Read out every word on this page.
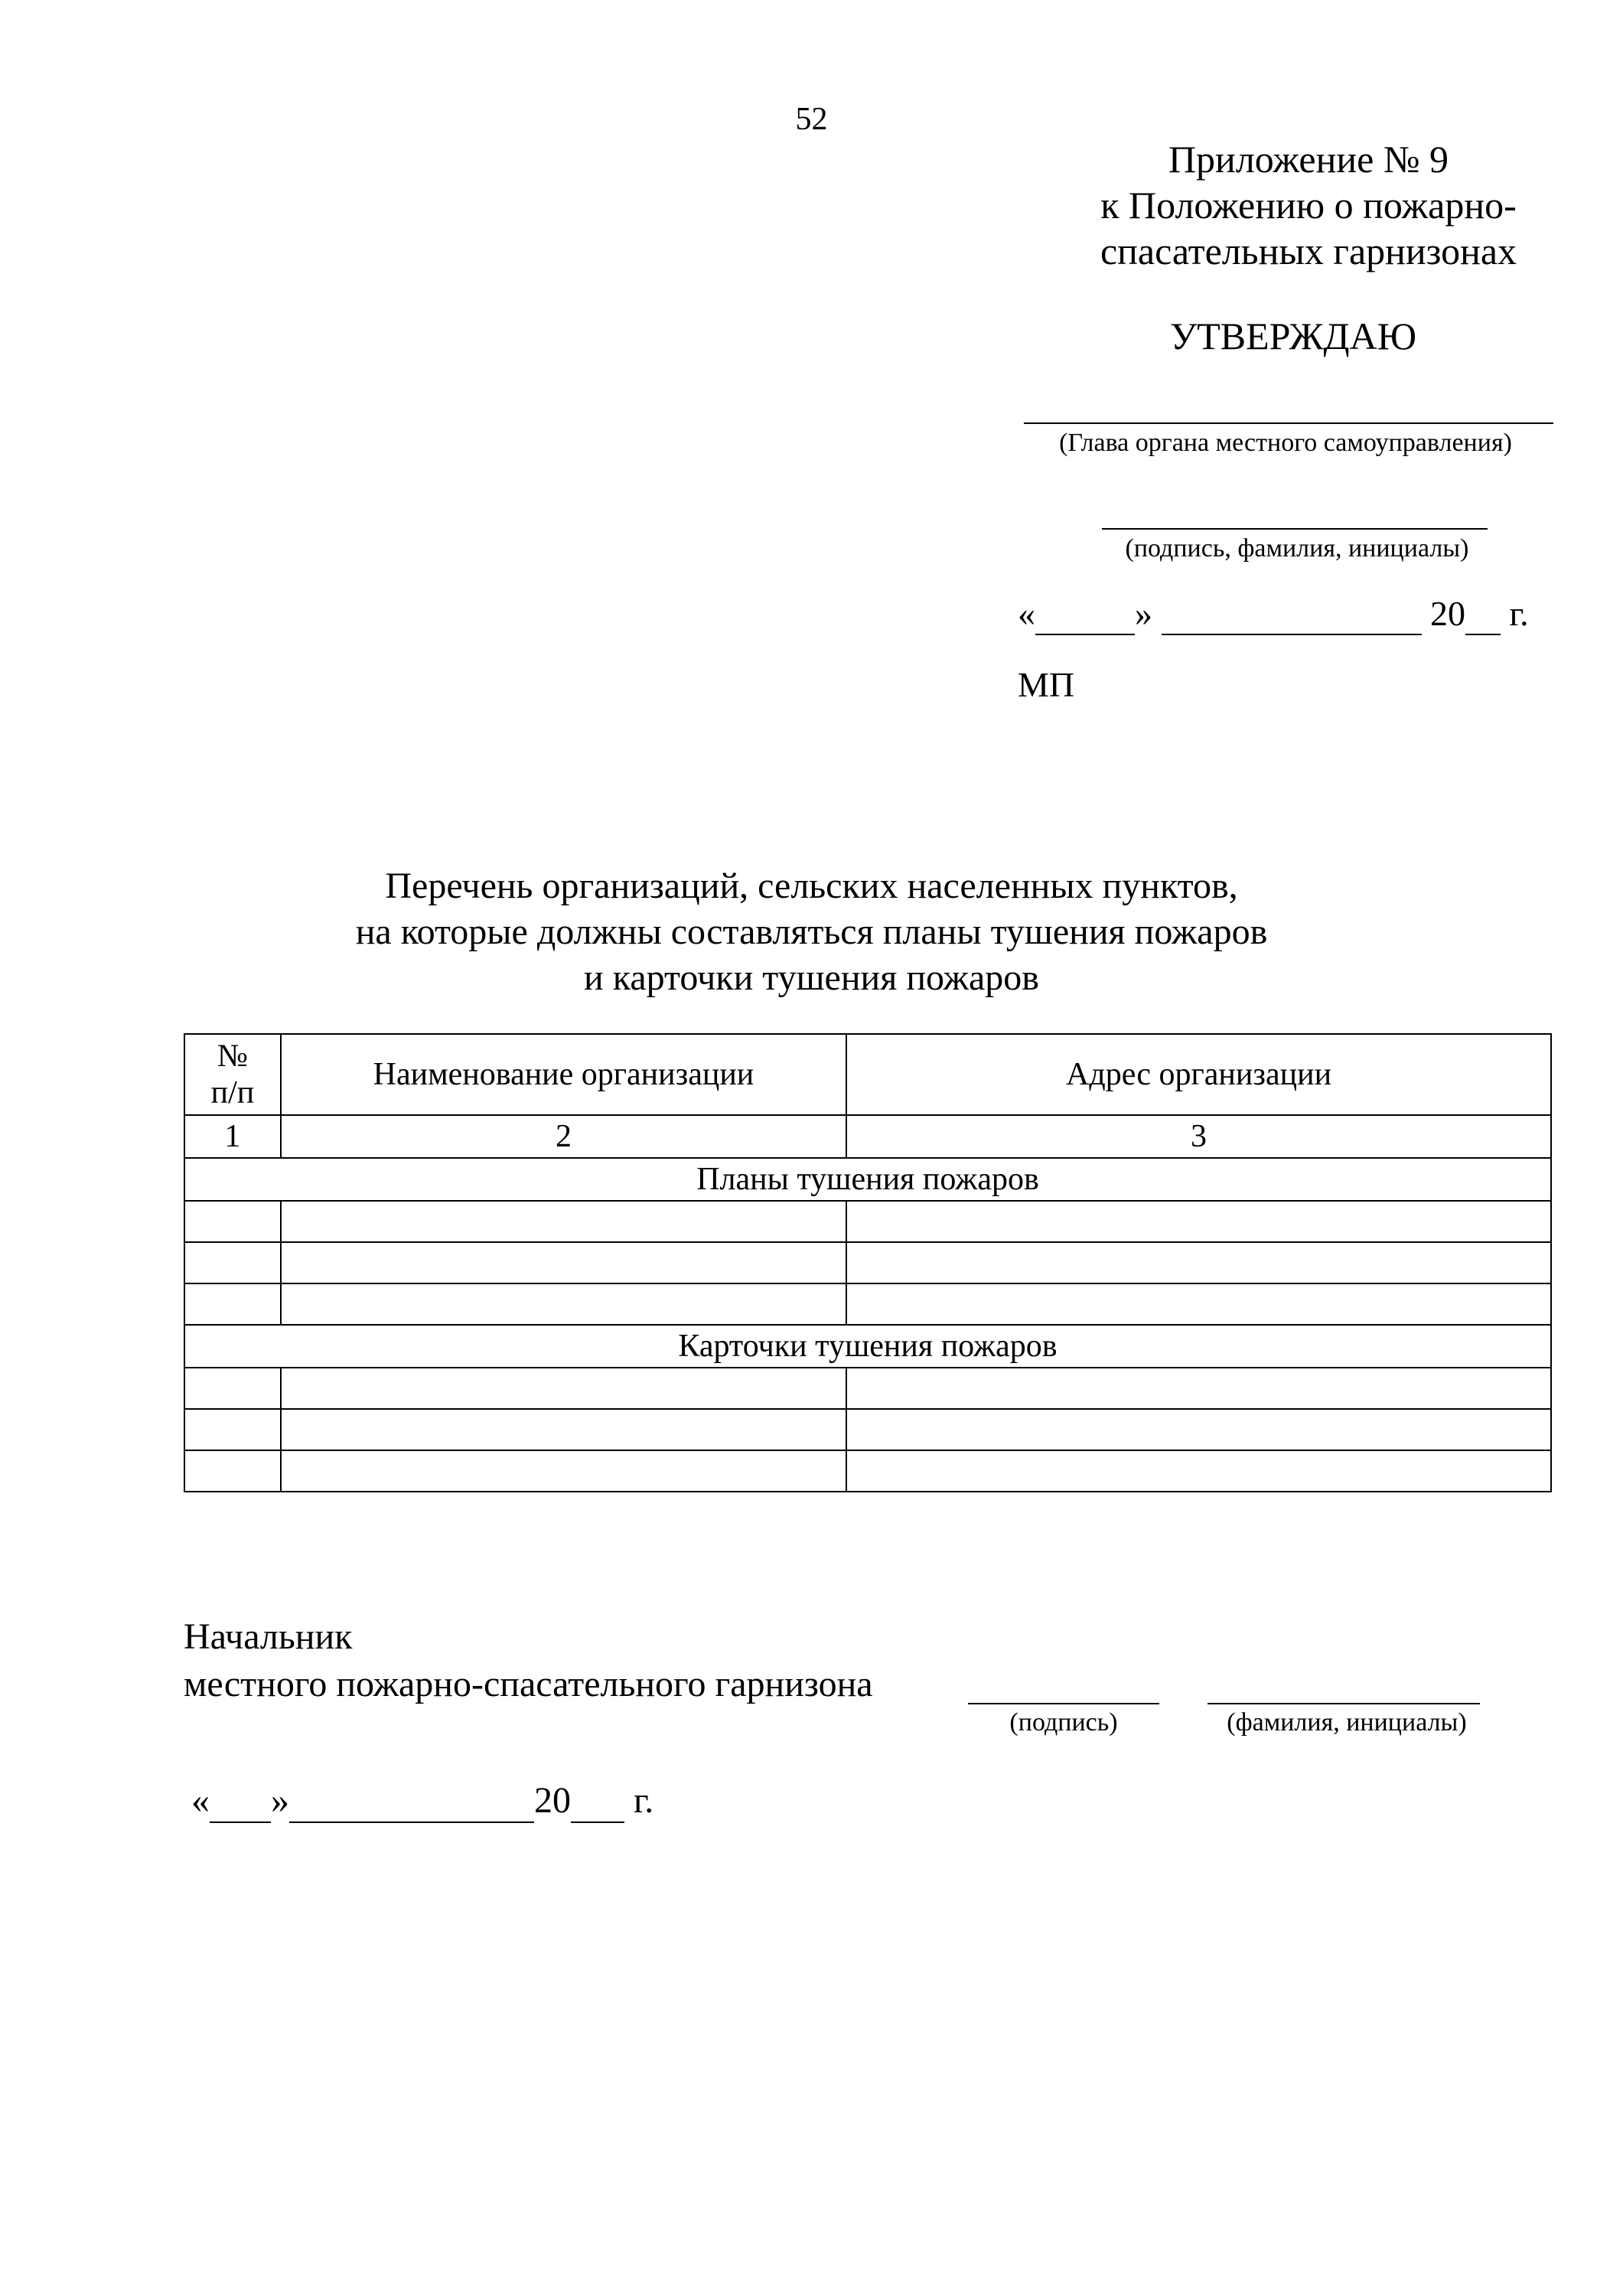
52
Приложение № 9
к Положению о пожарно-
спасательных гарнизонах
УТВЕРЖДАЮ
(Глава органа местного самоуправления)
(подпись, фамилия, инициалы)
«	»	20 г.
МП
Перечень организаций, сельских населенных пунктов,
на которые должны составляться планы тушения пожаров
и карточки тушения пожаров
№
п/п	Наименование организации	Адрес организации
1	2	3
Планы тушения пожаров		

Карточки тушения пожаров		

Начальник
местного пожарно-спасательного гарнизона
(подпись)	(фамилия, инициалы)
« »	20 г.
